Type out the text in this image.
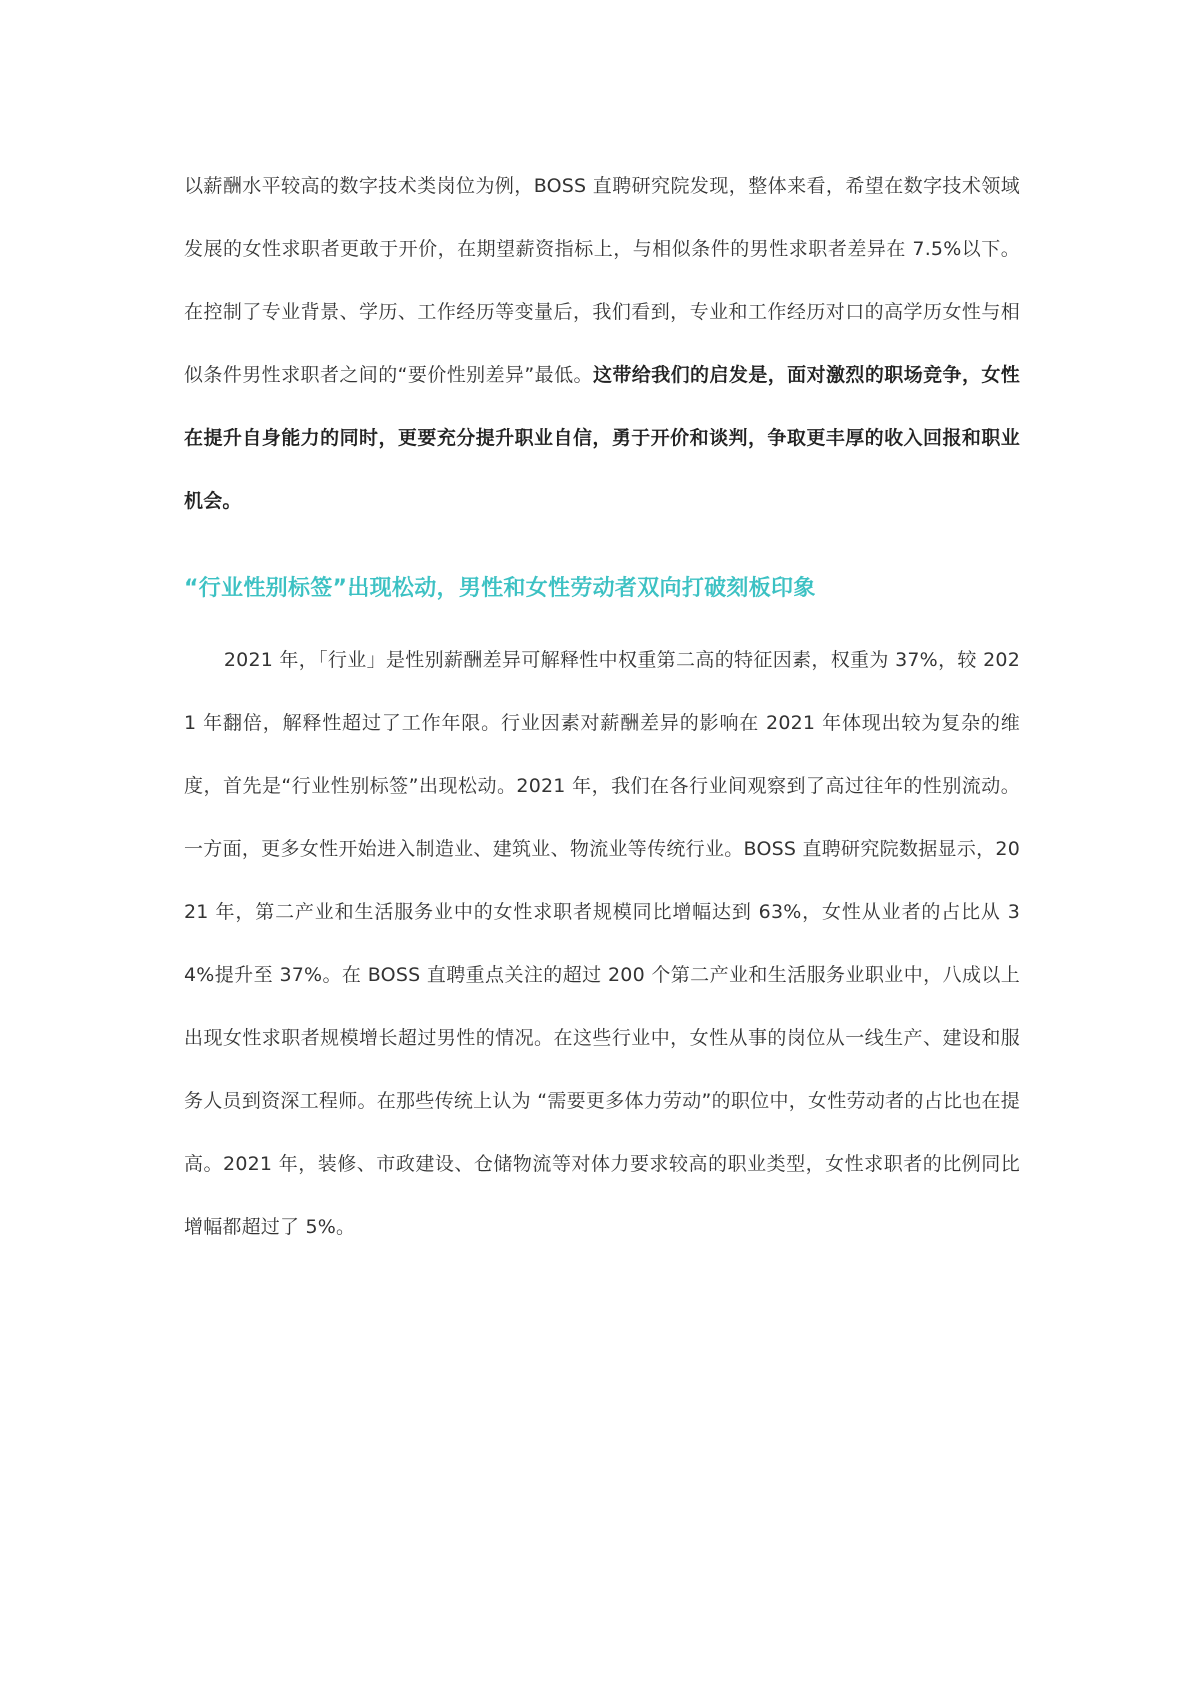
以薪酬水平较高的数字技术类岗位为例，BOSS 直聘研究院发现，整体来看，希望在数字技术领域发展的女性求职者更敢于开价，在期望薪资指标上，与相似条件的男性求职者差异在 7.5%以下。在控制了专业背景、学历、工作经历等变量后，我们看到，专业和工作经历对口的高学历女性与相似条件男性求职者之间的“要价性别差异”最低。这带给我们的启发是，面对激烈的职场竞争，女性在提升自身能力的同时，更要充分提升职业自信，勇于开价和谈判，争取更丰厚的收入回报和职业机会。

“行业性别标签”出现松动，男性和女性劳动者双向打破刻板印象

2021 年，「行业」是性别薪酬差异可解释性中权重第二高的特征因素，权重为 37%，较 2021 年翻倍，解释性超过了工作年限。行业因素对薪酬差异的影响在 2021 年体现出较为复杂的维度，首先是“行业性别标签”出现松动。2021 年，我们在各行业间观察到了高过往年的性别流动。一方面，更多女性开始进入制造业、建筑业、物流业等传统行业。BOSS 直聘研究院数据显示，2021 年，第二产业和生活服务业中的女性求职者规模同比增幅达到 63%，女性从业者的占比从 34%提升至 37%。在 BOSS 直聘重点关注的超过 200 个第二产业和生活服务业职业中，八成以上出现女性求职者规模增长超过男性的情况。在这些行业中，女性从事的岗位从一线生产、建设和服务人员到资深工程师。在那些传统上认为 “需要更多体力劳动”的职位中，女性劳动者的占比也在提高。2021 年，装修、市政建设、仓储物流等对体力要求较高的职业类型，女性求职者的比例同比增幅都超过了 5%。
